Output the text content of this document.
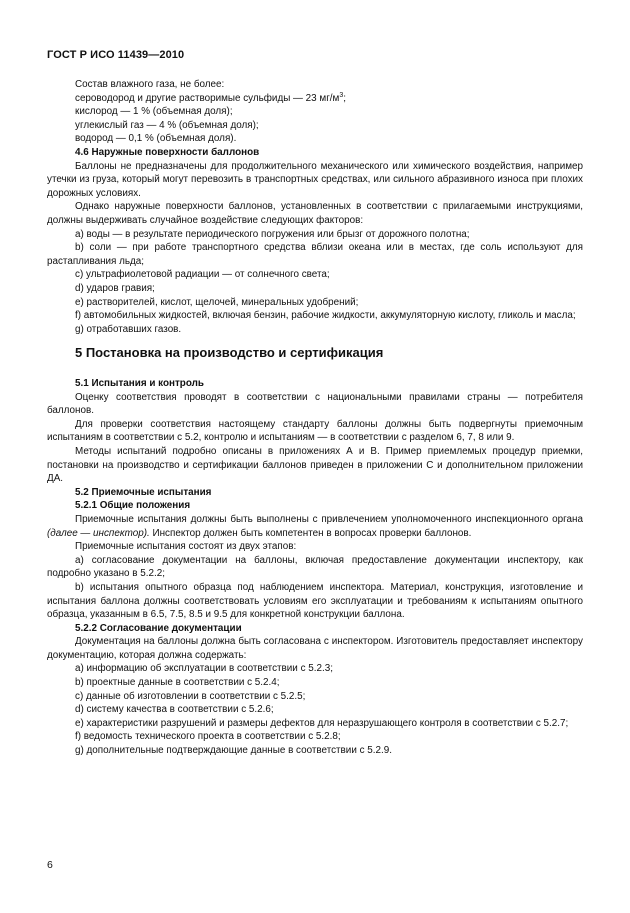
ГОСТ Р ИСО 11439—2010

Состав влажного газа, не более:

сероводород и другие растворимые сульфиды — 23 $мг/м^3$;

кислород — 1 % (объемная доля);

углекислый газ — 4 % (объемная доля);

водород — 0,1 % (объемная доля).

4.6 Наружные поверхности баллонов

Баллоны не предназначены для продолжительного механического или химического воздействия, например утечки из груза, который могут перевозить в транспортных средствах, или сильного абразивного износа при плохих дорожных условиях.

Однако наружные поверхности баллонов, установленных в соответствии с прилагаемыми инструкциями, должны выдерживать случайное воздействие следующих факторов:

а) воды — в результате периодического погружения или брызг от дорожного полотна;

b) соли — при работе транспортного средства вблизи океана или в местах, где соль используют для растапливания льда;

с) ультрафиолетовой радиации — от солнечного света;

d) ударов гравия;

е) растворителей, кислот, щелочей, минеральных удобрений;

f) автомобильных жидкостей, включая бензин, рабочие жидкости, аккумуляторную кислоту, гликоль и масла;

g) отработавших газов.

5 Постановка на производство и сертификация

5.1 Испытания и контроль

Оценку соответствия проводят в соответствии с национальными правилами страны — потребителя баллонов.

Для проверки соответствия настоящему стандарту баллоны должны быть подвергнуты приемочным испытаниям в соответствии с 5.2, контролю и испытаниям — в соответствии с разделом 6, 7, 8 или 9.

Методы испытаний подробно описаны в приложениях А и В. Пример приемлемых процедур приемки, постановки на производство и сертификации баллонов приведен в приложении С и дополнительном приложении ДА.

5.2 Приемочные испытания

5.2.1 Общие положения

Приемочные испытания должны быть выполнены с привлечением уполномоченного инспекционного органа (далее — инспектор). Инспектор должен быть компетентен в вопросах проверки баллонов.

Приемочные испытания состоят из двух этапов:

а) согласование документации на баллоны, включая предоставление документации инспектору, как подробно указано в 5.2.2;

b) испытания опытного образца под наблюдением инспектора. Материал, конструкция, изготовление и испытания баллона должны соответствовать условиям его эксплуатации и требованиям к испытаниям опытного образца, указанным в 6.5, 7.5, 8.5 и 9.5 для конкретной конструкции баллона.

5.2.2 Согласование документации

Документация на баллоны должна быть согласована с инспектором. Изготовитель предоставляет инспектору документацию, которая должна содержать:

а) информацию об эксплуатации в соответствии с 5.2.3;

b) проектные данные в соответствии с 5.2.4;

с) данные об изготовлении в соответствии с 5.2.5;

d) систему качества в соответствии с 5.2.6;

е) характеристики разрушений и размеры дефектов для неразрушающего контроля в соответствии с 5.2.7;

f) ведомость технического проекта в соответствии с 5.2.8;

g) дополнительные подтверждающие данные в соответствии с 5.2.9.

6
